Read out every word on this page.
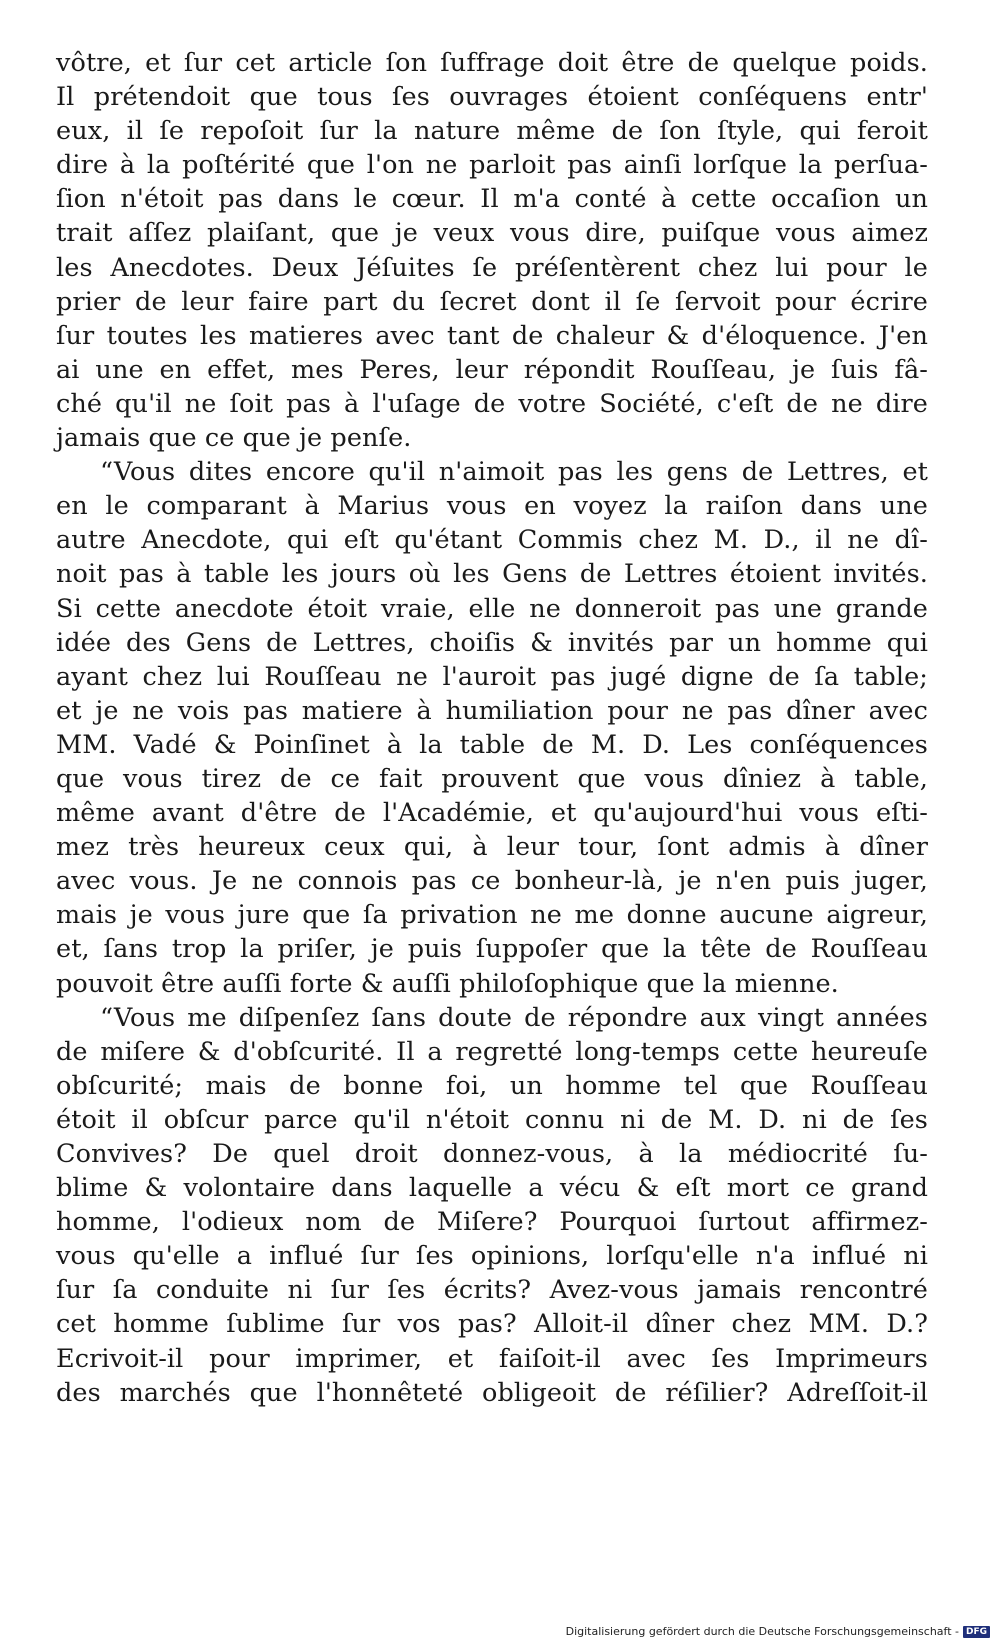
vôtre, et ſur cet article ſon ſuffrage doit être de quelque poids.
Il prétendoit que tous ſes ouvrages étoient conſéquens entr'
eux, il ſe repoſoit ſur la nature même de ſon ſtyle, qui feroit
dire à la poſtérité que l'on ne parloit pas ainſi lorſque la perſua-
ſion n'étoit pas dans le cœur. Il m'a conté à cette occaſion un
trait aſſez plaiſant, que je veux vous dire, puiſque vous aimez
les Anecdotes. Deux Jéſuites ſe préſentèrent chez lui pour le
prier de leur faire part du ſecret dont il ſe ſervoit pour écrire
ſur toutes les matieres avec tant de chaleur & d'éloquence. J'en
ai une en effet, mes Peres, leur répondit Rouſſeau, je ſuis fâ-
ché qu'il ne ſoit pas à l'uſage de votre Société, c'eſt de ne dire
jamais que ce que je penſe.
“Vous dites encore qu'il n'aimoit pas les gens de Lettres, et
en le comparant à Marius vous en voyez la raiſon dans une
autre Anecdote, qui eſt qu'étant Commis chez M. D., il ne dî-
noit pas à table les jours où les Gens de Lettres étoient invités.
Si cette anecdote étoit vraie, elle ne donneroit pas une grande
idée des Gens de Lettres, choiſis & invités par un homme qui
ayant chez lui Rouſſeau ne l'auroit pas jugé digne de ſa table;
et je ne vois pas matiere à humiliation pour ne pas dîner avec
MM. Vadé & Poinſinet à la table de M. D. Les conſéquences
que vous tirez de ce fait prouvent que vous dîniez à table,
même avant d'être de l'Académie, et qu'aujourd'hui vous eſti-
mez très heureux ceux qui, à leur tour, ſont admis à dîner
avec vous. Je ne connois pas ce bonheur-là, je n'en puis juger,
mais je vous jure que ſa privation ne me donne aucune aigreur,
et, ſans trop la priſer, je puis ſuppoſer que la tête de Rouſſeau
pouvoit être auſſi forte & auſſi philoſophique que la mienne.
“Vous me diſpenſez ſans doute de répondre aux vingt années
de miſere & d'obſcurité. Il a regretté long-temps cette heureuſe
obſcurité; mais de bonne foi, un homme tel que Rouſſeau
étoit il obſcur parce qu'il n'étoit connu ni de M. D. ni de ſes
Convives? De quel droit donnez-vous, à la médiocrité ſu-
blime & volontaire dans laquelle a vécu & eſt mort ce grand
homme, l'odieux nom de Miſere? Pourquoi ſurtout affirmez-
vous qu'elle a influé ſur ſes opinions, lorſqu'elle n'a influé ni
ſur ſa conduite ni ſur ſes écrits? Avez-vous jamais rencontré
cet homme ſublime ſur vos pas? Alloit-il dîner chez MM. D.?
Ecrivoit-il pour imprimer, et faiſoit-il avec ſes Imprimeurs
des marchés que l'honnêteté obligeoit de réſilier? Adreſſoit-il
Digitalisierung gefördert durch die Deutsche Forschungsgemeinschaft - DFG
